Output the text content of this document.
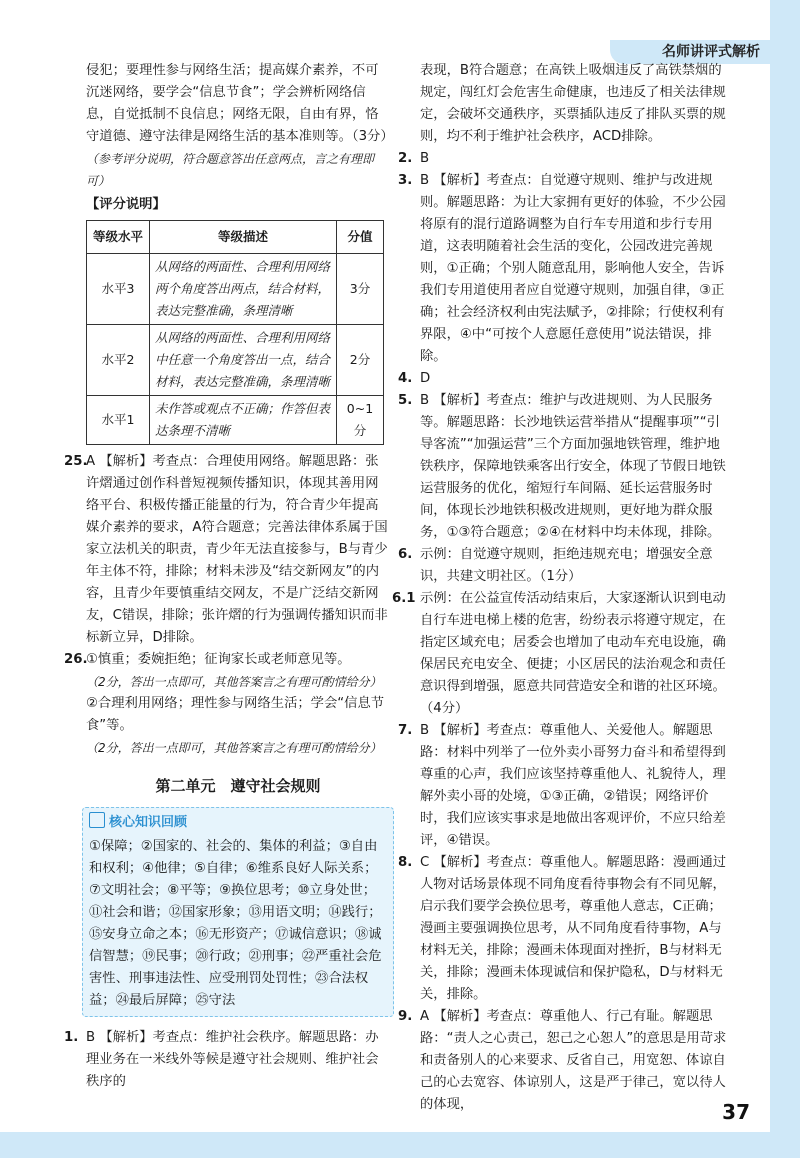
名师讲评式解析

侵犯；要理性参与网络生活；提高媒介素养，不可沉迷网络，要学会“信息节食”；学会辨析网络信息，自觉抵制不良信息；网络无限，自由有界，恪守道德、遵守法律是网络生活的基本准则等。（3分）

（参考评分说明，符合题意答出任意两点，言之有理即可）

【评分说明】

等级水平	等级描述	分值
水平3	从网络的两面性、合理利用网络两个角度答出两点，结合材料，表达完整准确，条理清晰	3分
水平2	从网络的两面性、合理利用网络中任意一个角度答出一点，结合材料，表达完整准确，条理清晰	2分
水平1	未作答或观点不正确；作答但表达条理不清晰	0~1分
25.

A 【解析】考查点：合理使用网络。解题思路：张许熠通过创作科普短视频传播知识，体现其善用网络平台、积极传播正能量的行为，符合青少年提高媒介素养的要求，A符合题意；完善法律体系属于国家立法机关的职责，青少年无法直接参与，B与青少年主体不符，排除；材料未涉及“结交新网友”的内容，且青少年要慎重结交网友，不是广泛结交新网友，C错误，排除；张许熠的行为强调传播知识而非标新立异，D排除。

26.

①慎重；委婉拒绝；征询家长或老师意见等。

（2分，答出一点即可，其他答案言之有理可酌情给分）

②合理利用网络；理性参与网络生活；学会“信息节食”等。

（2分，答出一点即可，其他答案言之有理可酌情给分）

第二单元　遵守社会规则
核心知识回顾

①保障；②国家的、社会的、集体的利益；③自由和权利；④他律；⑤自律；⑥维系良好人际关系；⑦文明社会；⑧平等；⑨换位思考；⑩立身处世；⑪社会和谐；⑫国家形象；⑬用语文明；⑭践行；⑮安身立命之本；⑯无形资产；⑰诚信意识；⑱诚信智慧；⑲民事；⑳行政；㉑刑事；㉒严重社会危害性、刑事违法性、应受刑罚处罚性；㉓合法权益；㉔最后屏障；㉕守法

1. B 【解析】考查点：维护社会秩序。解题思路：办理业务在一米线外等候是遵守社会规则、维护社会秩序的

表现，B符合题意；在高铁上吸烟违反了高铁禁烟的规定，闯红灯会危害生命健康，也违反了相关法律规定，会破坏交通秩序，买票插队违反了排队买票的规则，均不利于维护社会秩序，ACD排除。

2. B

3. B 【解析】考查点：自觉遵守规则、维护与改进规则。解题思路：为让大家拥有更好的体验，不少公园将原有的混行道路调整为自行车专用道和步行专用道，这表明随着社会生活的变化，公园改进完善规则，①正确；个别人随意乱用，影响他人安全，告诉我们专用道使用者应自觉遵守规则，加强自律，③正确；社会经济权利由宪法赋予，②排除；行使权利有界限，④中“可按个人意愿任意使用”说法错误，排除。

4. D

5. B 【解析】考查点：维护与改进规则、为人民服务等。解题思路：长沙地铁运营举措从“提醒事项”“引导客流”“加强运营”三个方面加强地铁管理，维护地铁秩序，保障地铁乘客出行安全，体现了节假日地铁运营服务的优化，缩短行车间隔、延长运营服务时间，体现长沙地铁积极改进规则，更好地为群众服务，①③符合题意；②④在材料中均未体现，排除。

6. 示例：自觉遵守规则，拒绝违规充电；增强安全意识，共建文明社区。（1分）

6.1 示例：在公益宣传活动结束后，大家逐渐认识到电动自行车进电梯上楼的危害，纷纷表示将遵守规定，在指定区域充电；居委会也增加了电动车充电设施，确保居民充电安全、便捷；小区居民的法治观念和责任意识得到增强，愿意共同营造安全和谐的社区环境。（4分）

7. B 【解析】考查点：尊重他人、关爱他人。解题思路：材料中列举了一位外卖小哥努力奋斗和希望得到尊重的心声，我们应该坚持尊重他人、礼貌待人，理解外卖小哥的处境，①③正确，②错误；网络评价时，我们应该实事求是地做出客观评价，不应只给差评，④错误。

8. C 【解析】考查点：尊重他人。解题思路：漫画通过人物对话场景体现不同角度看待事物会有不同见解，启示我们要学会换位思考，尊重他人意志，C正确；漫画主要强调换位思考，从不同角度看待事物，A与材料无关，排除；漫画未体现面对挫折，B与材料无关，排除；漫画未体现诚信和保护隐私，D与材料无关，排除。

9. A 【解析】考查点：尊重他人、行己有耻。解题思路：“责人之心责己，恕己之心恕人”的意思是用苛求和责备别人的心来要求、反省自己，用宽恕、体谅自己的心去宽容、体谅别人，这是严于律己，宽以待人的体现，	37
